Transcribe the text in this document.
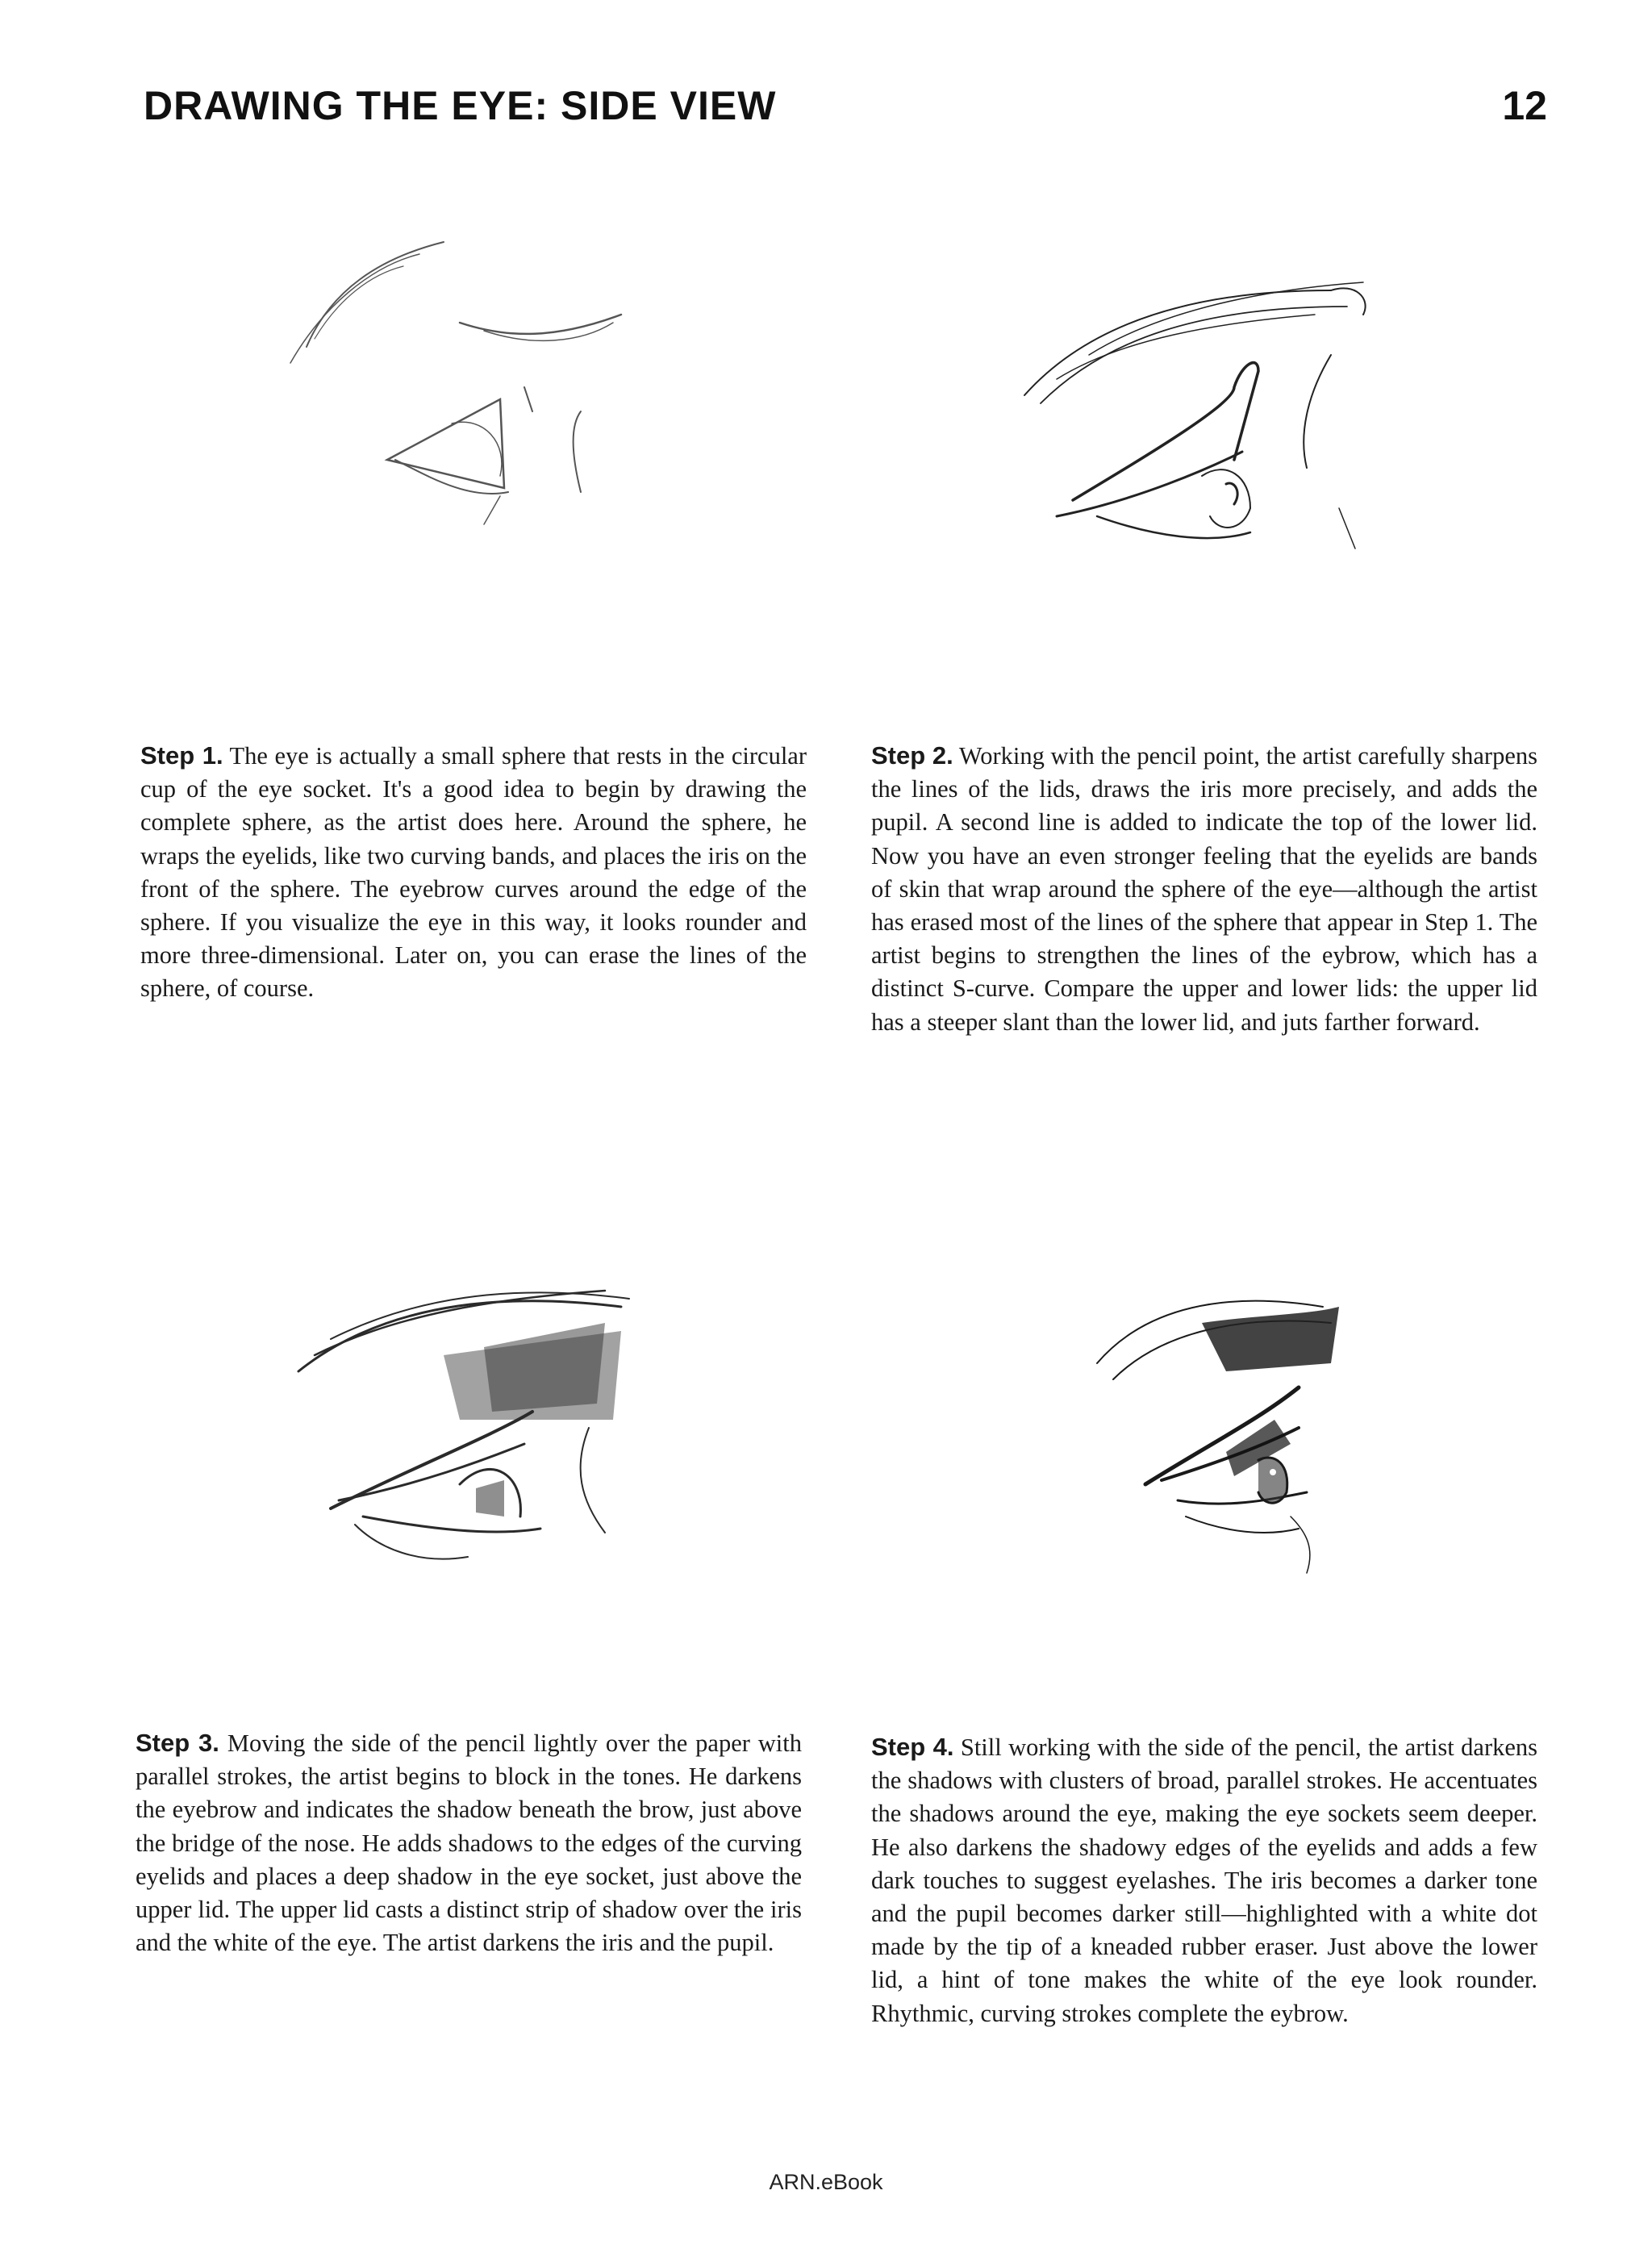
DRAWING THE EYE: SIDE VIEW	12
Step 1. The eye is actually a small sphere that rests in the circular cup of the eye socket. It's a good idea to begin by drawing the complete sphere, as the artist does here. Around the sphere, he wraps the eyelids, like two curving bands, and places the iris on the front of the sphere. The eyebrow curves around the edge of the sphere. If you visualize the eye in this way, it looks rounder and more three-dimensional. Later on, you can erase the lines of the sphere, of course.
Step 2. Working with the pencil point, the artist carefully sharpens the lines of the lids, draws the iris more precisely, and adds the pupil. A second line is added to indicate the top of the lower lid. Now you have an even stronger feeling that the eyelids are bands of skin that wrap around the sphere of the eye—although the artist has erased most of the lines of the sphere that appear in Step 1. The artist begins to strengthen the lines of the eybrow, which has a distinct S-curve. Compare the upper and lower lids: the upper lid has a steeper slant than the lower lid, and juts farther forward.
Step 3. Moving the side of the pencil lightly over the paper with parallel strokes, the artist begins to block in the tones. He darkens the eyebrow and indicates the shadow beneath the brow, just above the bridge of the nose. He adds shadows to the edges of the curving eyelids and places a deep shadow in the eye socket, just above the upper lid. The upper lid casts a distinct strip of shadow over the iris and the white of the eye. The artist darkens the iris and the pupil.
Step 4. Still working with the side of the pencil, the artist darkens the shadows with clusters of broad, parallel strokes. He accentuates the shadows around the eye, making the eye sockets seem deeper. He also darkens the shadowy edges of the eyelids and adds a few dark touches to suggest eyelashes. The iris becomes a darker tone and the pupil becomes darker still—highlighted with a white dot made by the tip of a kneaded rubber eraser. Just above the lower lid, a hint of tone makes the white of the eye look rounder. Rhythmic, curving strokes complete the eybrow.
ARN.eBook
